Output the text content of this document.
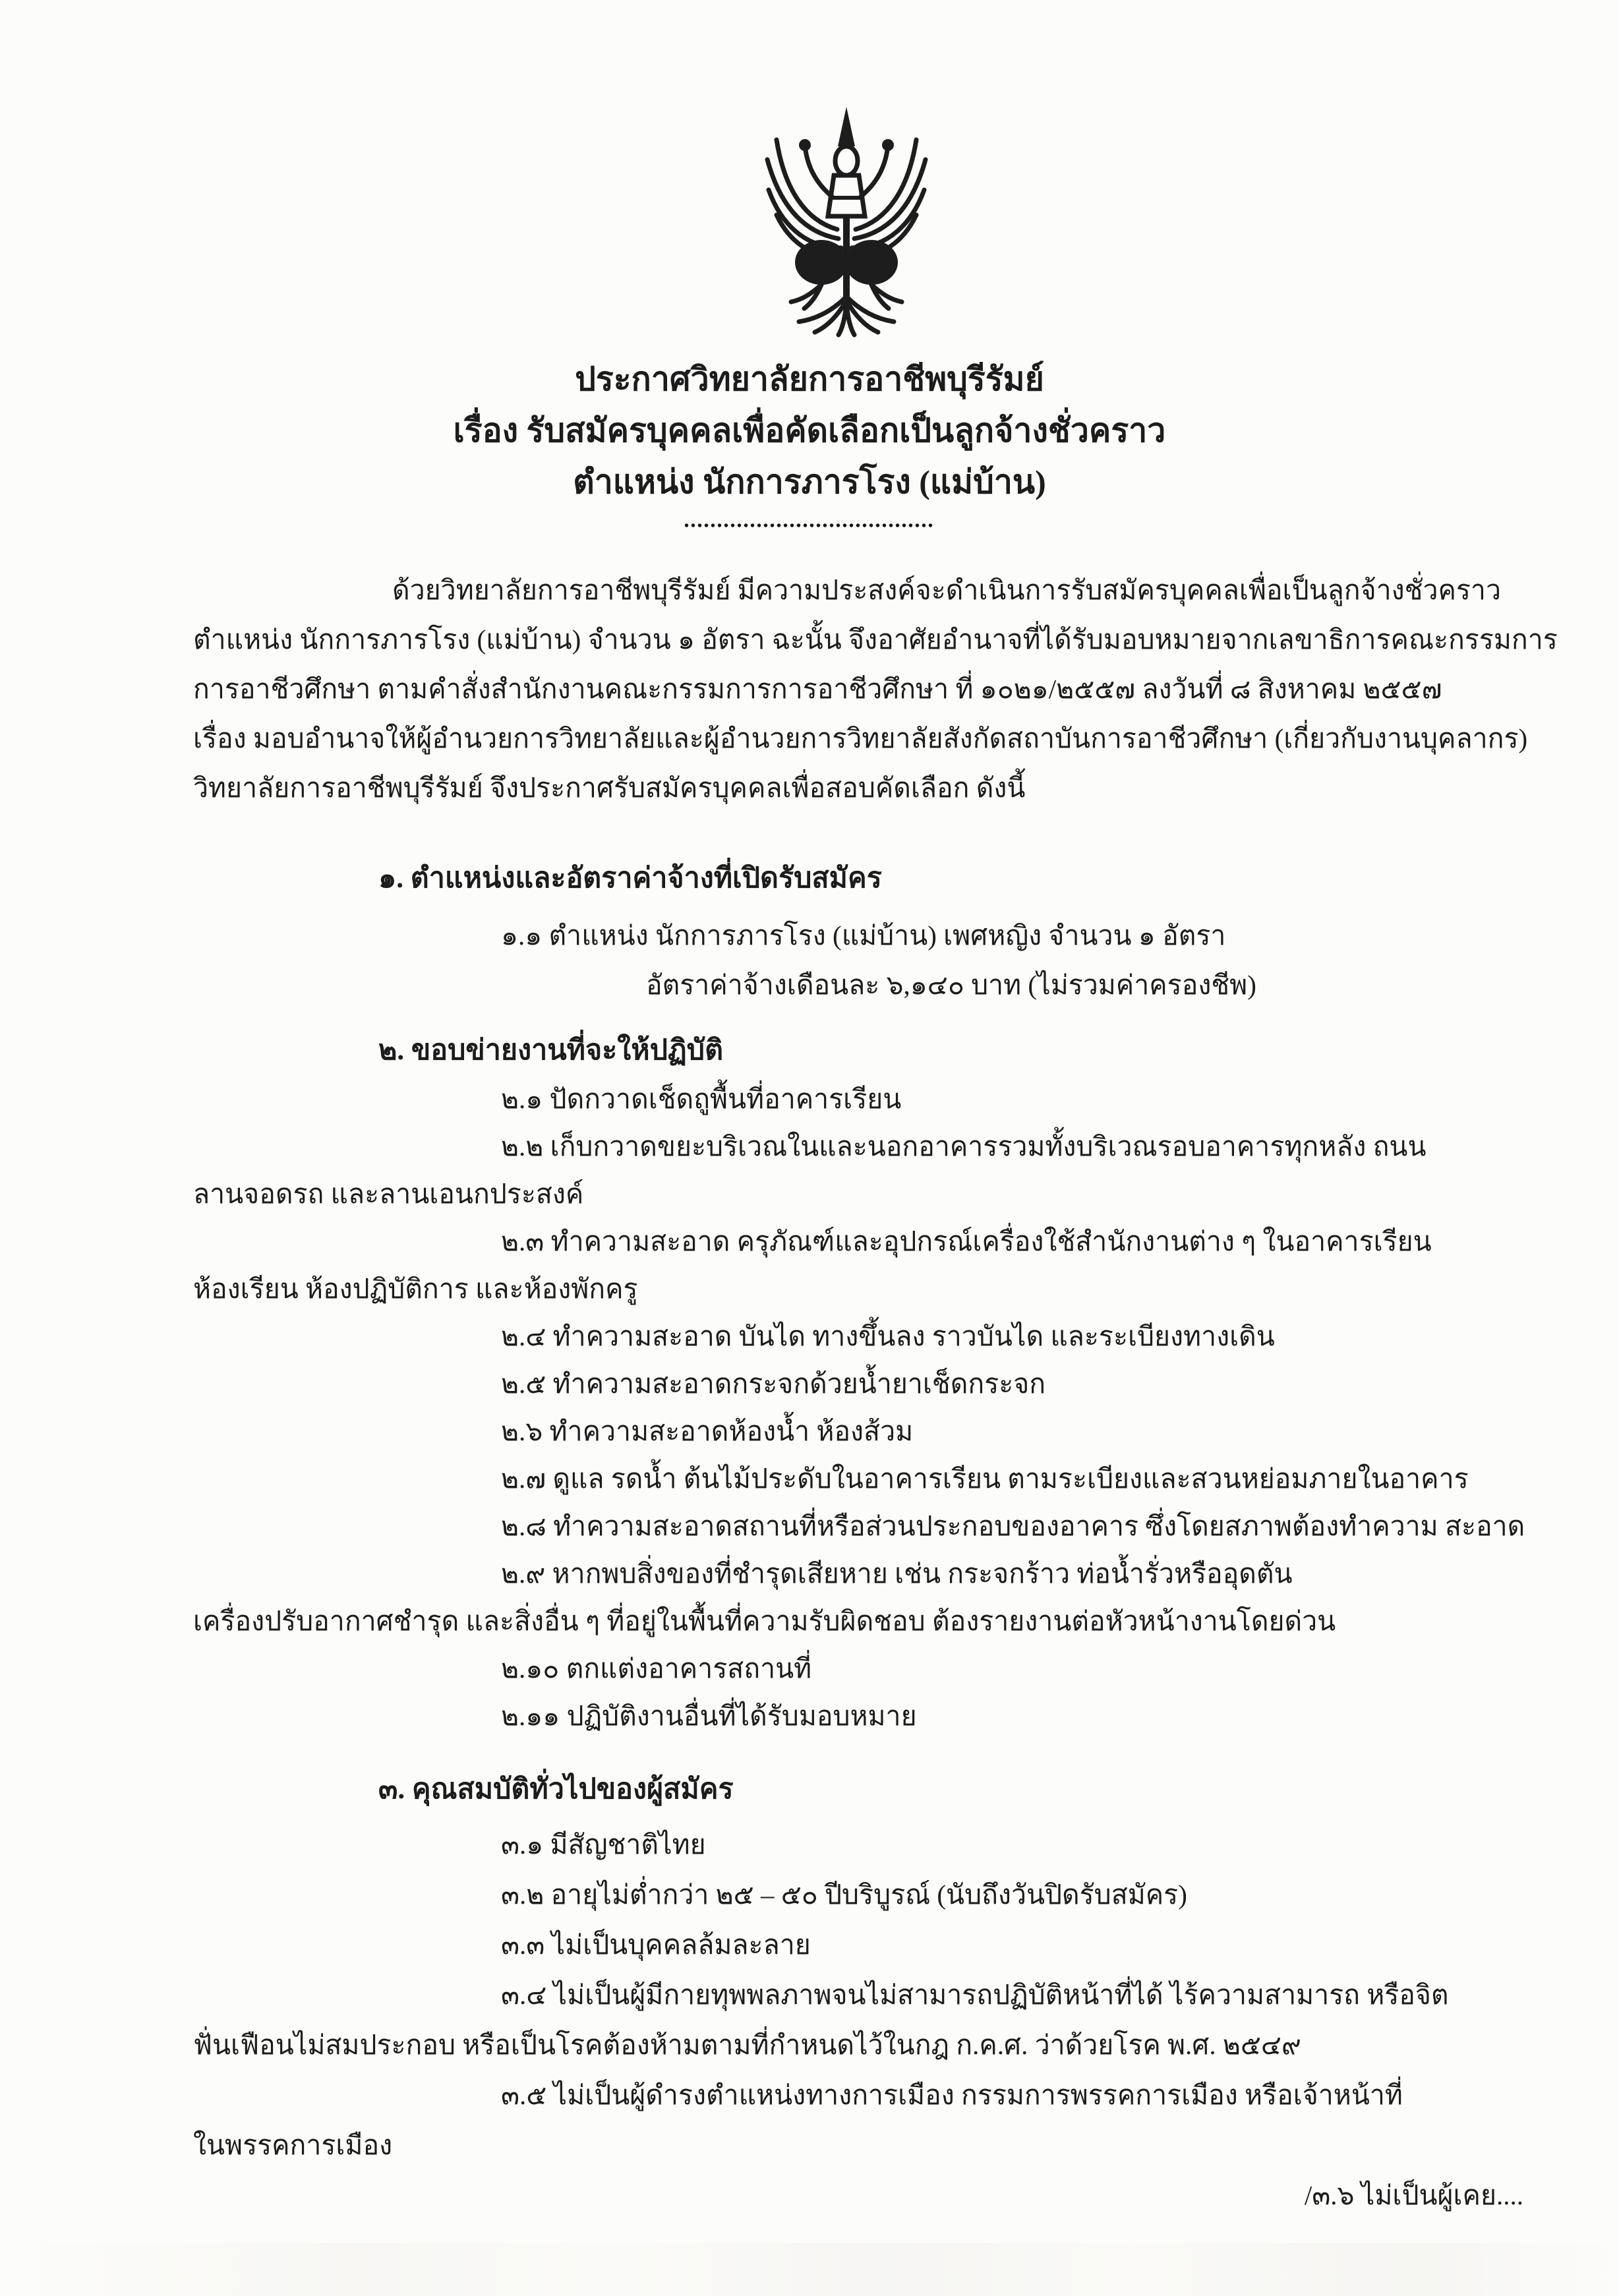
ประกาศวิทยาลัยการอาชีพบุรีรัมย์
เรื่อง รับสมัครบุคคลเพื่อคัดเลือกเป็นลูกจ้างชั่วคราว
ตำแหน่ง นักการภารโรง (แม่บ้าน)
••••••••••••••••••••••••••••••••••••••
ด้วยวิทยาลัยการอาชีพบุรีรัมย์ มีความประสงค์จะดำเนินการรับสมัครบุคคลเพื่อเป็นลูกจ้างชั่วคราว
ตำแหน่ง นักการภารโรง (แม่บ้าน) จำนวน ๑ อัตรา ฉะนั้น จึงอาศัยอำนาจที่ได้รับมอบหมายจากเลขาธิการคณะกรรมการ
การอาชีวศึกษา ตามคำสั่งสำนักงานคณะกรรมการการอาชีวศึกษา ที่ ๑๐๒๑/๒๕๕๗ ลงวันที่ ๘ สิงหาคม ๒๕๕๗
เรื่อง มอบอำนาจให้ผู้อำนวยการวิทยาลัยและผู้อำนวยการวิทยาลัยสังกัดสถาบันการอาชีวศึกษา (เกี่ยวกับงานบุคลากร)
วิทยาลัยการอาชีพบุรีรัมย์ จึงประกาศรับสมัครบุคคลเพื่อสอบคัดเลือก ดังนี้
๑. ตำแหน่งและอัตราค่าจ้างที่เปิดรับสมัคร
๑.๑ ตำแหน่ง นักการภารโรง (แม่บ้าน) เพศหญิง จำนวน ๑ อัตรา
อัตราค่าจ้างเดือนละ ๖,๑๔๐ บาท (ไม่รวมค่าครองชีพ)
๒. ขอบข่ายงานที่จะให้ปฏิบัติ
๒.๑ ปัดกวาดเช็ดถูพื้นที่อาคารเรียน
๒.๒ เก็บกวาดขยะบริเวณในและนอกอาคารรวมทั้งบริเวณรอบอาคารทุกหลัง ถนน
ลานจอดรถ และลานเอนกประสงค์
๒.๓ ทำความสะอาด ครุภัณฑ์และอุปกรณ์เครื่องใช้สำนักงานต่าง ๆ ในอาคารเรียน
ห้องเรียน ห้องปฏิบัติการ และห้องพักครู
๒.๔ ทำความสะอาด บันได ทางขึ้นลง ราวบันได และระเบียงทางเดิน
๒.๕ ทำความสะอาดกระจกด้วยน้ำยาเช็ดกระจก
๒.๖ ทำความสะอาดห้องน้ำ ห้องส้วม
๒.๗ ดูแล รดน้ำ ต้นไม้ประดับในอาคารเรียน ตามระเบียงและสวนหย่อมภายในอาคาร
๒.๘ ทำความสะอาดสถานที่หรือส่วนประกอบของอาคาร ซึ่งโดยสภาพต้องทำความ สะอาด
๒.๙ หากพบสิ่งของที่ชำรุดเสียหาย เช่น กระจกร้าว ท่อน้ำรั่วหรืออุดตัน
เครื่องปรับอากาศชำรุด และสิ่งอื่น ๆ ที่อยู่ในพื้นที่ความรับผิดชอบ ต้องรายงานต่อหัวหน้างานโดยด่วน
๒.๑๐ ตกแต่งอาคารสถานที่
๒.๑๑ ปฏิบัติงานอื่นที่ได้รับมอบหมาย
๓. คุณสมบัติทั่วไปของผู้สมัคร
๓.๑ มีสัญชาติไทย
๓.๒ อายุไม่ต่ำกว่า ๒๕ – ๕๐ ปีบริบูรณ์ (นับถึงวันปิดรับสมัคร)
๓.๓ ไม่เป็นบุคคลล้มละลาย
๓.๔ ไม่เป็นผู้มีกายทุพพลภาพจนไม่สามารถปฏิบัติหน้าที่ได้ ไร้ความสามารถ หรือจิต
ฟั่นเฟือนไม่สมประกอบ หรือเป็นโรคต้องห้ามตามที่กำหนดไว้ในกฎ ก.ค.ศ. ว่าด้วยโรค พ.ศ. ๒๕๔๙
๓.๕ ไม่เป็นผู้ดำรงตำแหน่งทางการเมือง กรรมการพรรคการเมือง หรือเจ้าหน้าที่
ในพรรคการเมือง
/๓.๖ ไม่เป็นผู้เคย....
